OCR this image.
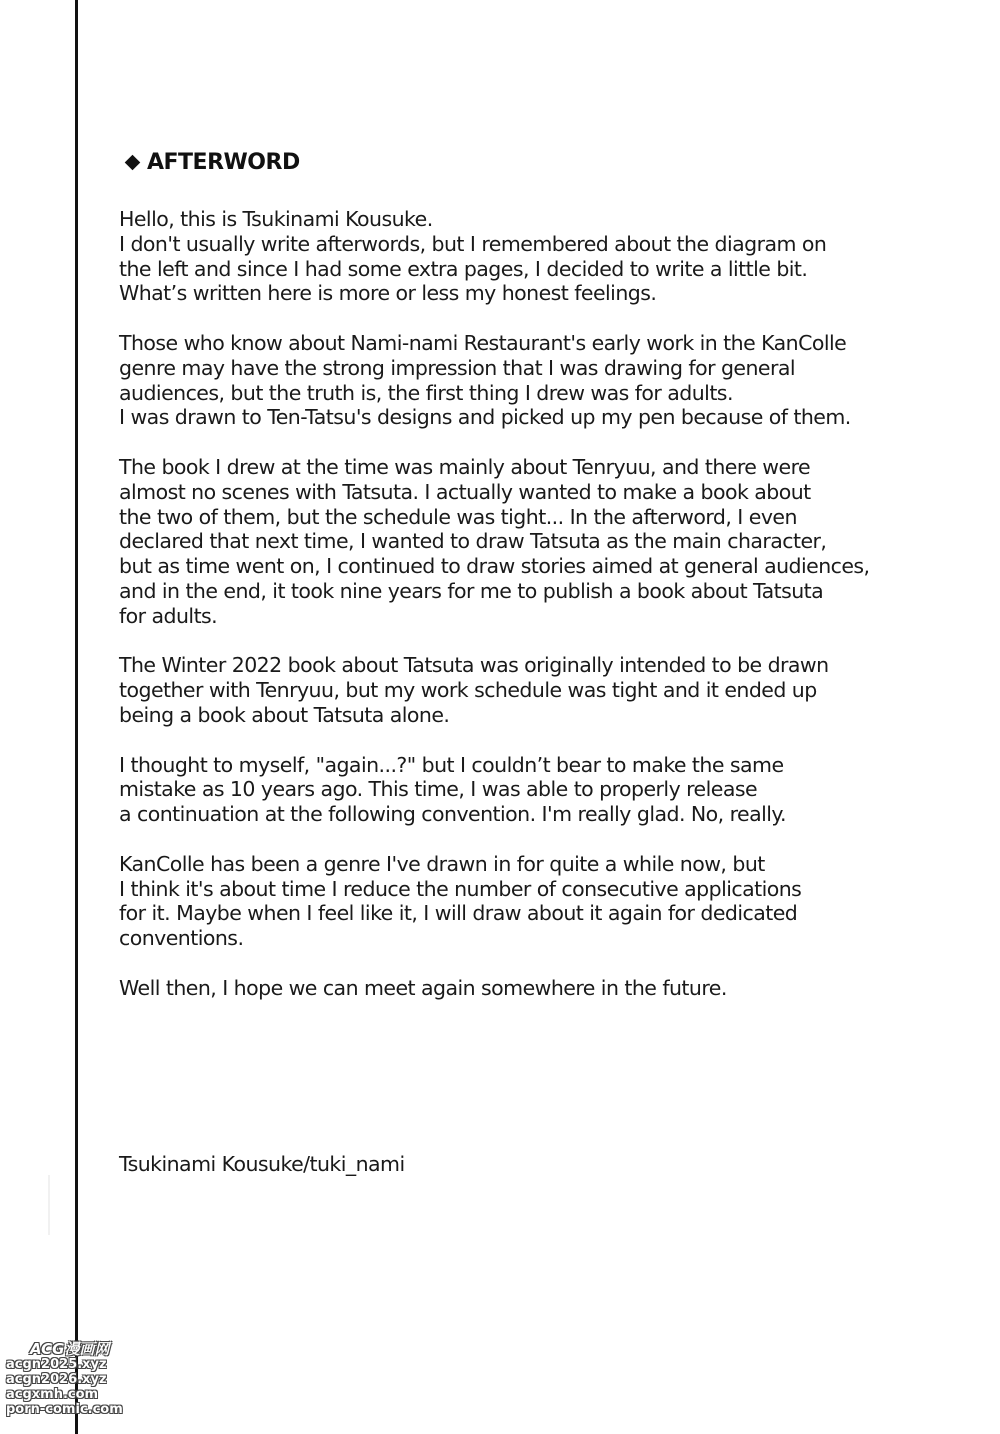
AFTERWORD

Hello, this is Tsukinami Kousuke.
I don't usually write afterwords, but I remembered about the diagram on
the left and since I had some extra pages, I decided to write a little bit.
What’s written here is more or less my honest feelings.

Those who know about Nami-nami Restaurant's early work in the KanColle
genre may have the strong impression that I was drawing for general
audiences, but the truth is, the first thing I drew was for adults.
I was drawn to Ten-Tatsu's designs and picked up my pen because of them.

The book I drew at the time was mainly about Tenryuu, and there were
almost no scenes with Tatsuta. I actually wanted to make a book about
the two of them, but the schedule was tight... In the afterword, I even
declared that next time, I wanted to draw Tatsuta as the main character,
but as time went on, I continued to draw stories aimed at general audiences,
and in the end, it took nine years for me to publish a book about Tatsuta
for adults.

The Winter 2022 book about Tatsuta was originally intended to be drawn
together with Tenryuu, but my work schedule was tight and it ended up
being a book about Tatsuta alone.

I thought to myself, "again...?" but I couldn’t bear to make the same
mistake as 10 years ago. This time, I was able to properly release
a continuation at the following convention. I'm really glad. No, really.

KanColle has been a genre I've drawn in for quite a while now, but
I think it's about time I reduce the number of consecutive applications
for it. Maybe when I feel like it, I will draw about it again for dedicated
conventions.

Well then, I hope we can meet again somewhere in the future.

Tsukinami Kousuke/tuki_nami
ACG漫画网
acgn2025.xyz
acgn2026.xyz
acgxmh.com
porn-comic.com
